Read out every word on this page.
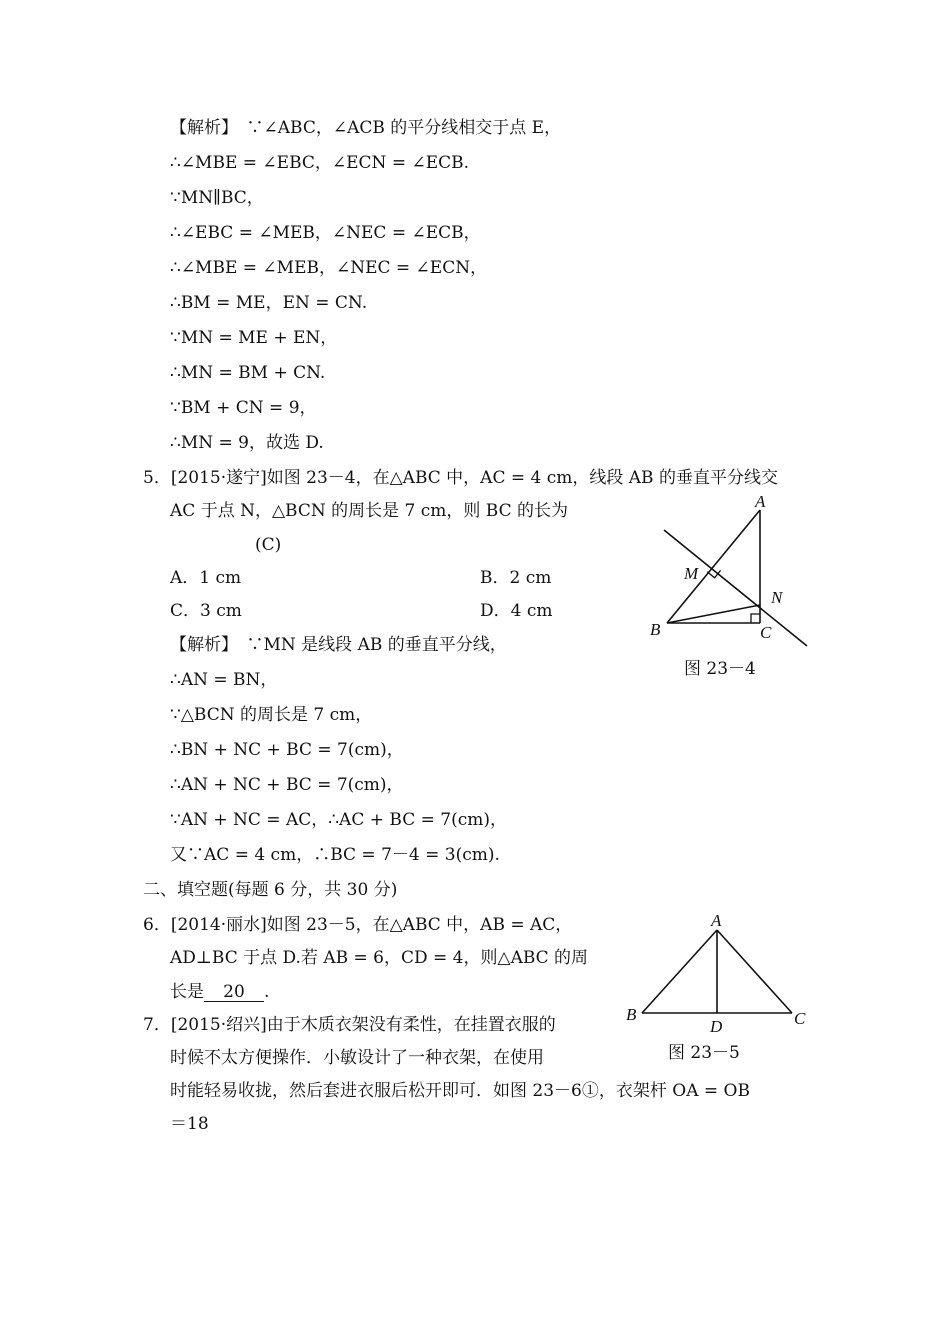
【解析】　∵∠ABC，∠ACB 的平分线相交于点 E，
∴∠MBE = ∠EBC，∠ECN = ∠ECB.
∵MN∥BC，
∴∠EBC = ∠MEB，∠NEC = ∠ECB，
∴∠MBE = ∠MEB，∠NEC = ∠ECN，
∴BM = ME，EN = CN.
∵MN = ME + EN，
∴MN = BM + CN.
∵BM + CN = 9，
∴MN = 9，故选 D.
5．[2015·遂宁]如图 23－4，在△ABC 中，AC = 4 cm，线段 AB 的垂直平分线交
AC 于点 N，△BCN 的周长是 7 cm，则 BC 的长为
(C)
A．1 cm	B．2 cm
C．3 cm	D．4 cm
【解析】　∵MN 是线段 AB 的垂直平分线，
∴AN = BN，
∵△BCN 的周长是 7 cm，
∴BN + NC + BC = 7(cm)，
∴AN + NC + BC = 7(cm)，
∵AN + NC = AC，∴AC + BC = 7(cm)，
又∵AC = 4 cm，∴BC = 7－4 = 3(cm).
A
M
N
B	C
图 23－4
二、填空题(每题 6 分，共 30 分)
6．[2014·丽水]如图 23－5，在△ABC 中，AB = AC，
AD⊥BC 于点 D.若 AB = 6，CD = 4，则△ABC 的周
长是 20 .
A
B
D	C
图 23－5
7．[2015·绍兴]由于木质衣架没有柔性，在挂置衣服的
时候不太方便操作．小敏设计了一种衣架，在使用
时能轻易收拢，然后套进衣服后松开即可．如图 23－6①，衣架杆 OA = OB
＝18
